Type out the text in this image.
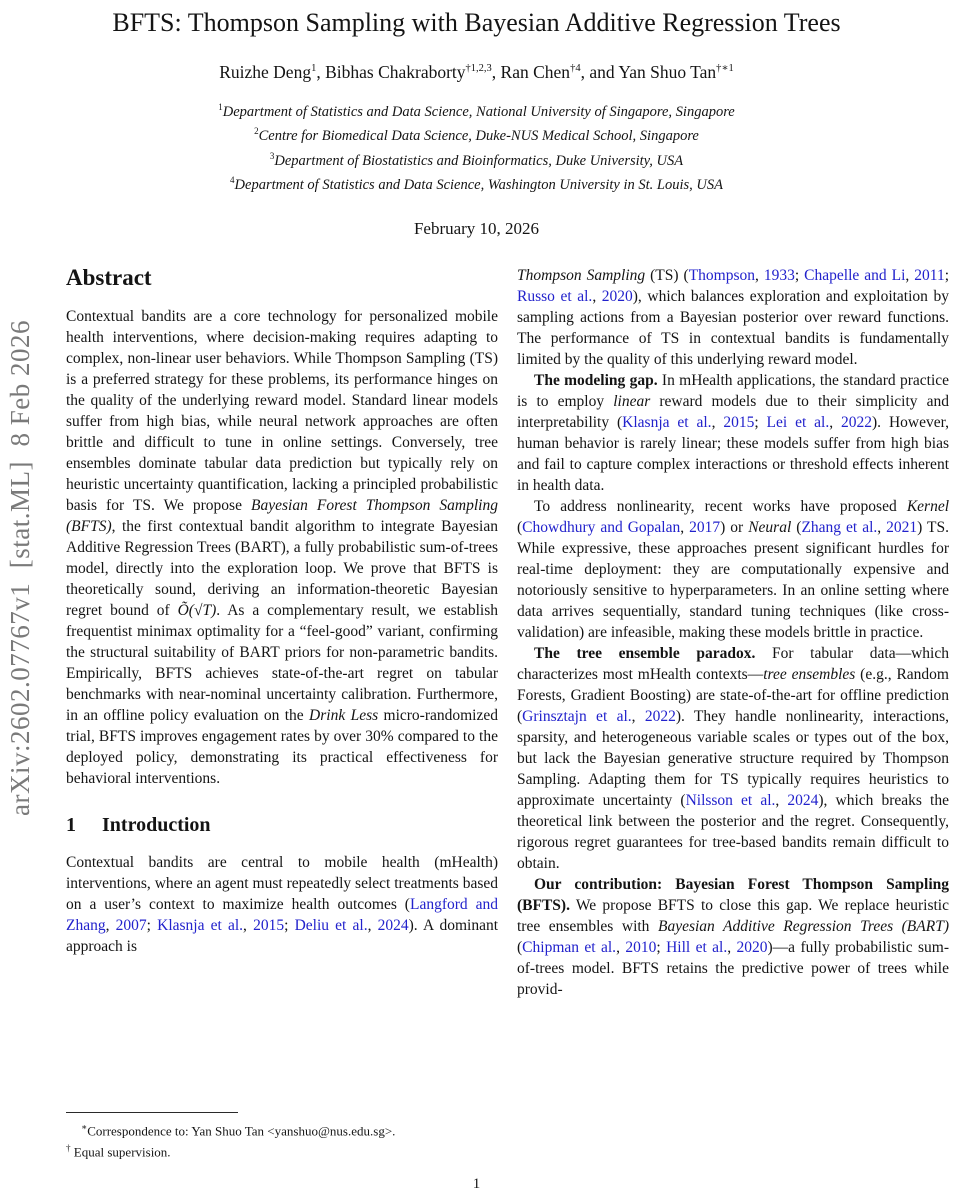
arXiv:2602.07767v1  [stat.ML]  8 Feb 2026
BFTS: Thompson Sampling with Bayesian Additive Regression Trees
Ruizhe Deng$^1$, Bibhas Chakraborty$^{\dagger 1,2,3}$, Ran Chen$^{\dagger 4}$, and Yan Shuo Tan$^{\dagger∗1}$
$^1$Department of Statistics and Data Science, National University of Singapore, Singapore
$^2$Centre for Biomedical Data Science, Duke-NUS Medical School, Singapore
$^3$Department of Biostatistics and Bioinformatics, Duke University, USA
$^4$Department of Statistics and Data Science, Washington University in St. Louis, USA
February 10, 2026
Abstract

Contextual bandits are a core technology for personalized mobile health interventions, where decision-making requires adapting to complex, non-linear user behaviors. While Thompson Sampling (TS) is a preferred strategy for these problems, its performance hinges on the quality of the underlying reward model. Standard linear models suffer from high bias, while neural network approaches are often brittle and difficult to tune in online settings. Conversely, tree ensembles dominate tabular data prediction but typically rely on heuristic uncertainty quantification, lacking a principled probabilistic basis for TS. We propose Bayesian Forest Thompson Sampling (BFTS), the first contextual bandit algorithm to integrate Bayesian Additive Regression Trees (BART), a fully probabilistic sum-of-trees model, directly into the exploration loop. We prove that BFTS is theoretically sound, deriving an information-theoretic Bayesian regret bound of Õ(√T). As a complementary result, we establish frequentist minimax optimality for a “feel-good” variant, confirming the structural suitability of BART priors for non-parametric bandits. Empirically, BFTS achieves state-of-the-art regret on tabular benchmarks with near-nominal uncertainty calibration. Furthermore, in an offline policy evaluation on the Drink Less micro-randomized trial, BFTS improves engagement rates by over 30% compared to the deployed policy, demonstrating its practical effectiveness for behavioral interventions.

1 Introduction

Contextual bandits are central to mobile health (mHealth) interventions, where an agent must repeatedly select treatments based on a user’s context to maximize health outcomes (Langford and Zhang, 2007; Klasnja et al., 2015; Deliu et al., 2024). A dominant approach is

∗Correspondence to: Yan Shuo Tan <yanshuo@nus.edu.sg>.
† Equal supervision.

Thompson Sampling (TS) (Thompson, 1933; Chapelle and Li, 2011; Russo et al., 2020), which balances exploration and exploitation by sampling actions from a Bayesian posterior over reward functions. The performance of TS in contextual bandits is fundamentally limited by the quality of this underlying reward model.

The modeling gap. In mHealth applications, the standard practice is to employ linear reward models due to their simplicity and interpretability (Klasnja et al., 2015; Lei et al., 2022). However, human behavior is rarely linear; these models suffer from high bias and fail to capture complex interactions or threshold effects inherent in health data.

To address nonlinearity, recent works have proposed Kernel (Chowdhury and Gopalan, 2017) or Neural (Zhang et al., 2021) TS. While expressive, these approaches present significant hurdles for real-time deployment: they are computationally expensive and notoriously sensitive to hyperparameters. In an online setting where data arrives sequentially, standard tuning techniques (like cross-validation) are infeasible, making these models brittle in practice.

The tree ensemble paradox. For tabular data—which characterizes most mHealth contexts—tree ensembles (e.g., Random Forests, Gradient Boosting) are state-of-the-art for offline prediction (Grinsztajn et al., 2022). They handle nonlinearity, interactions, sparsity, and heterogeneous variable scales or types out of the box, but lack the Bayesian generative structure required by Thompson Sampling. Adapting them for TS typically requires heuristics to approximate uncertainty (Nilsson et al., 2024), which breaks the theoretical link between the posterior and the regret. Consequently, rigorous regret guarantees for tree-based bandits remain difficult to obtain.

Our contribution: Bayesian Forest Thompson Sampling (BFTS). We propose BFTS to close this gap. We replace heuristic tree ensembles with Bayesian Additive Regression Trees (BART) (Chipman et al., 2010; Hill et al., 2020)—a fully probabilistic sum-of-trees model. BFTS retains the predictive power of trees while provid-

1
